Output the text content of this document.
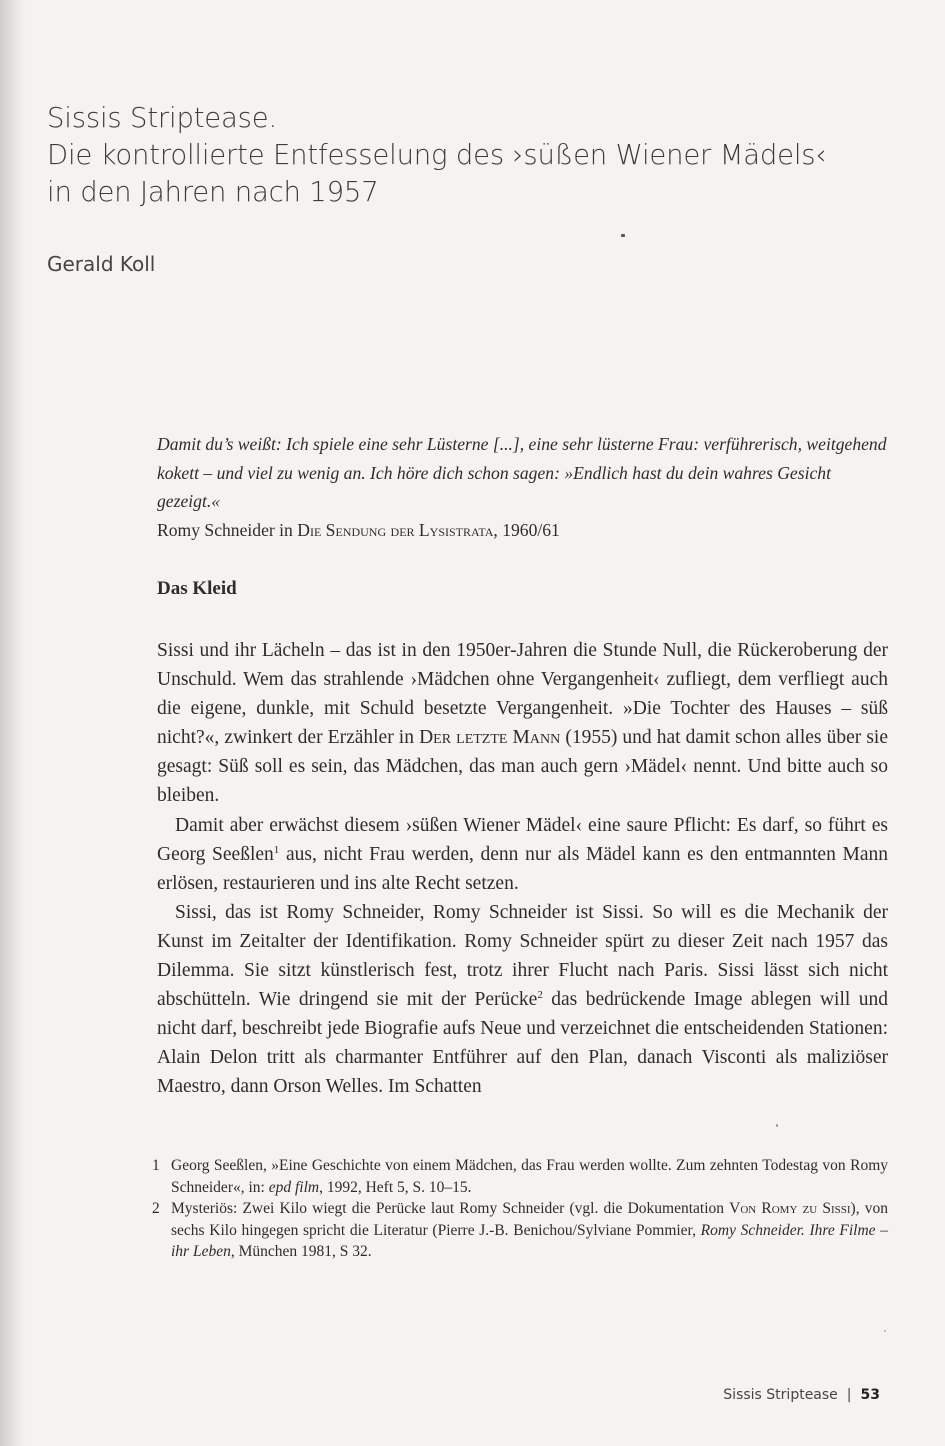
Sissis Striptease.
Die kontrollierte Entfesselung des ›süßen Wiener Mädels‹
in den Jahren nach 1957
Gerald Koll
Damit du’s weißt: Ich spiele eine sehr Lüsterne [...], eine sehr lüsterne Frau: verführerisch, weitgehend kokett – und viel zu wenig an. Ich höre dich schon sagen: »Endlich hast du dein wahres Gesicht gezeigt.«
Romy Schneider in Die Sendung der Lysistrata, 1960/61
Das Kleid

Sissi und ihr Lächeln – das ist in den 1950er-Jahren die Stunde Null, die Rückeroberung der Unschuld. Wem das strahlende ›Mädchen ohne Vergangenheit‹ zufliegt, dem verfliegt auch die eigene, dunkle, mit Schuld besetzte Vergangenheit. »Die Tochter des Hauses – süß nicht?«, zwinkert der Erzähler in Der letzte Mann (1955) und hat damit schon alles über sie gesagt: Süß soll es sein, das Mädchen, das man auch gern ›Mädel‹ nennt. Und bitte auch so bleiben.

Damit aber erwächst diesem ›süßen Wiener Mädel‹ eine saure Pflicht: Es darf, so führt es Georg Seeßlen$^1$ aus, nicht Frau werden, denn nur als Mädel kann es den entmannten Mann erlösen, restaurieren und ins alte Recht setzen.

Sissi, das ist Romy Schneider, Romy Schneider ist Sissi. So will es die Mechanik der Kunst im Zeitalter der Identifikation. Romy Schneider spürt zu dieser Zeit nach 1957 das Dilemma. Sie sitzt künstlerisch fest, trotz ihrer Flucht nach Paris. Sissi lässt sich nicht abschütteln. Wie dringend sie mit der Perücke$^2$ das bedrückende Image ablegen will und nicht darf, beschreibt jede Biografie aufs Neue und verzeichnet die entscheidenden Stationen: Alain Delon tritt als charmanter Entführer auf den Plan, danach Visconti als maliziöser Maestro, dann Orson Welles. Im Schatten

1 Georg Seeßlen, »Eine Geschichte von einem Mädchen, das Frau werden wollte. Zum zehnten Todestag von Romy Schneider«, in: epd film, 1992, Heft 5, S. 10–15.
2 Mysteriös: Zwei Kilo wiegt die Perücke laut Romy Schneider (vgl. die Dokumentation Von Romy zu Sissi), von sechs Kilo hingegen spricht die Literatur (Pierre J.-B. Benichou/Sylviane Pommier, Romy Schneider. Ihre Filme – ihr Leben, München 1981, S 32.
Sissis Striptease | 53
